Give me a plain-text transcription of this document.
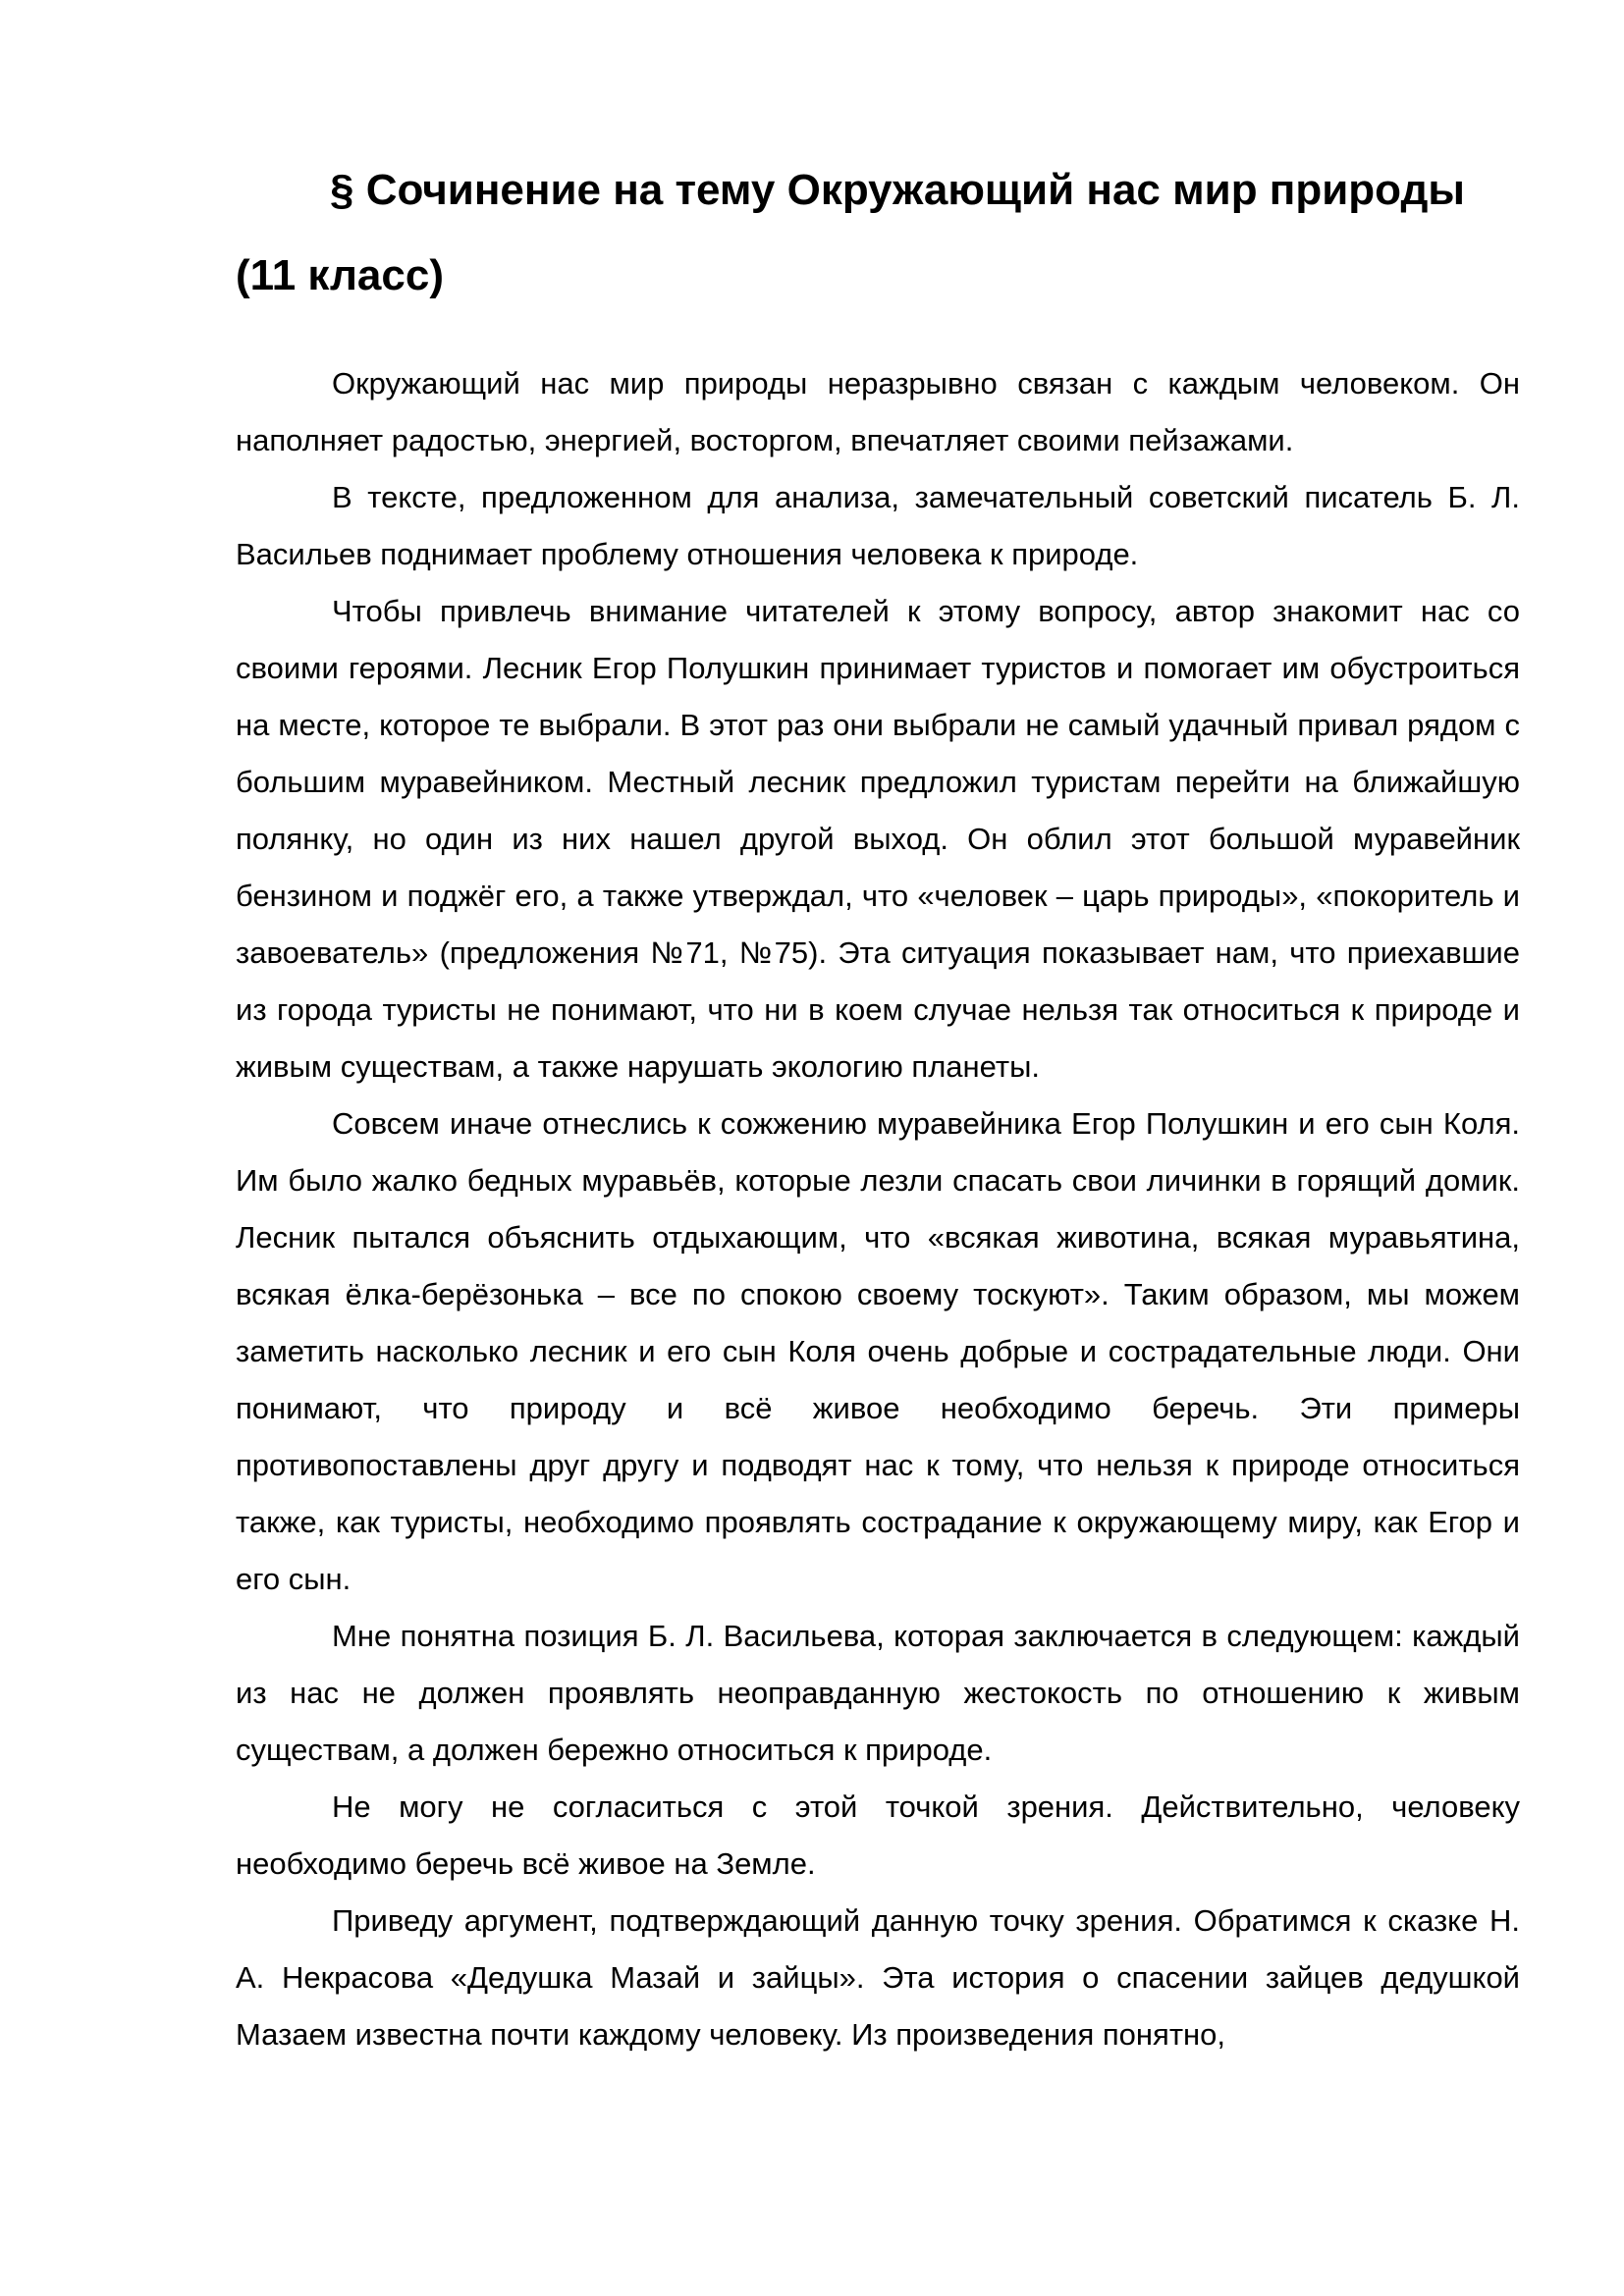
§ Сочинение на тему Окружающий нас мир природы (11 класс)

Окружающий нас мир природы неразрывно связан с каждым человеком. Он наполняет радостью, энергией, восторгом, впечатляет своими пейзажами.

В тексте, предложенном для анализа, замечательный советский писатель Б. Л. Васильев поднимает проблему отношения человека к природе.

Чтобы привлечь внимание читателей к этому вопросу, автор знакомит нас со своими героями. Лесник Егор Полушкин принимает туристов и помогает им обустроиться на месте, которое те выбрали. В этот раз они выбрали не самый удачный привал рядом с большим муравейником. Местный лесник предложил туристам перейти на ближайшую полянку, но один из них нашел другой выход. Он облил этот большой муравейник бензином и поджёг его, а также утверждал, что «человек – царь природы», «покоритель и завоеватель» (предложения №71, №75). Эта ситуация показывает нам, что приехавшие из города туристы не понимают, что ни в коем случае нельзя так относиться к природе и живым существам, а также нарушать экологию планеты.

Совсем иначе отнеслись к сожжению муравейника Егор Полушкин и его сын Коля. Им было жалко бедных муравьёв, которые лезли спасать свои личинки в горящий домик. Лесник пытался объяснить отдыхающим, что «всякая животина, всякая муравьятина, всякая ёлка-берёзонька – все по спокою своему тоскуют». Таким образом, мы можем заметить насколько лесник и его сын Коля очень добрые и сострадательные люди. Они понимают, что природу и всё живое необходимо беречь. Эти примеры противопоставлены друг другу и подводят нас к тому, что нельзя к природе относиться также, как туристы, необходимо проявлять сострадание к окружающему миру, как Егор и его сын.

Мне понятна позиция Б. Л. Васильева, которая заключается в следующем: каждый из нас не должен проявлять неоправданную жестокость по отношению к живым существам, а должен бережно относиться к природе.

Не могу не согласиться с этой точкой зрения. Действительно, человеку необходимо беречь всё живое на Земле.

Приведу аргумент, подтверждающий данную точку зрения. Обратимся к сказке Н. А. Некрасова «Дедушка Мазай и зайцы». Эта история о спасении зайцев дедушкой Мазаем известна почти каждому человеку. Из произведения понятно,
